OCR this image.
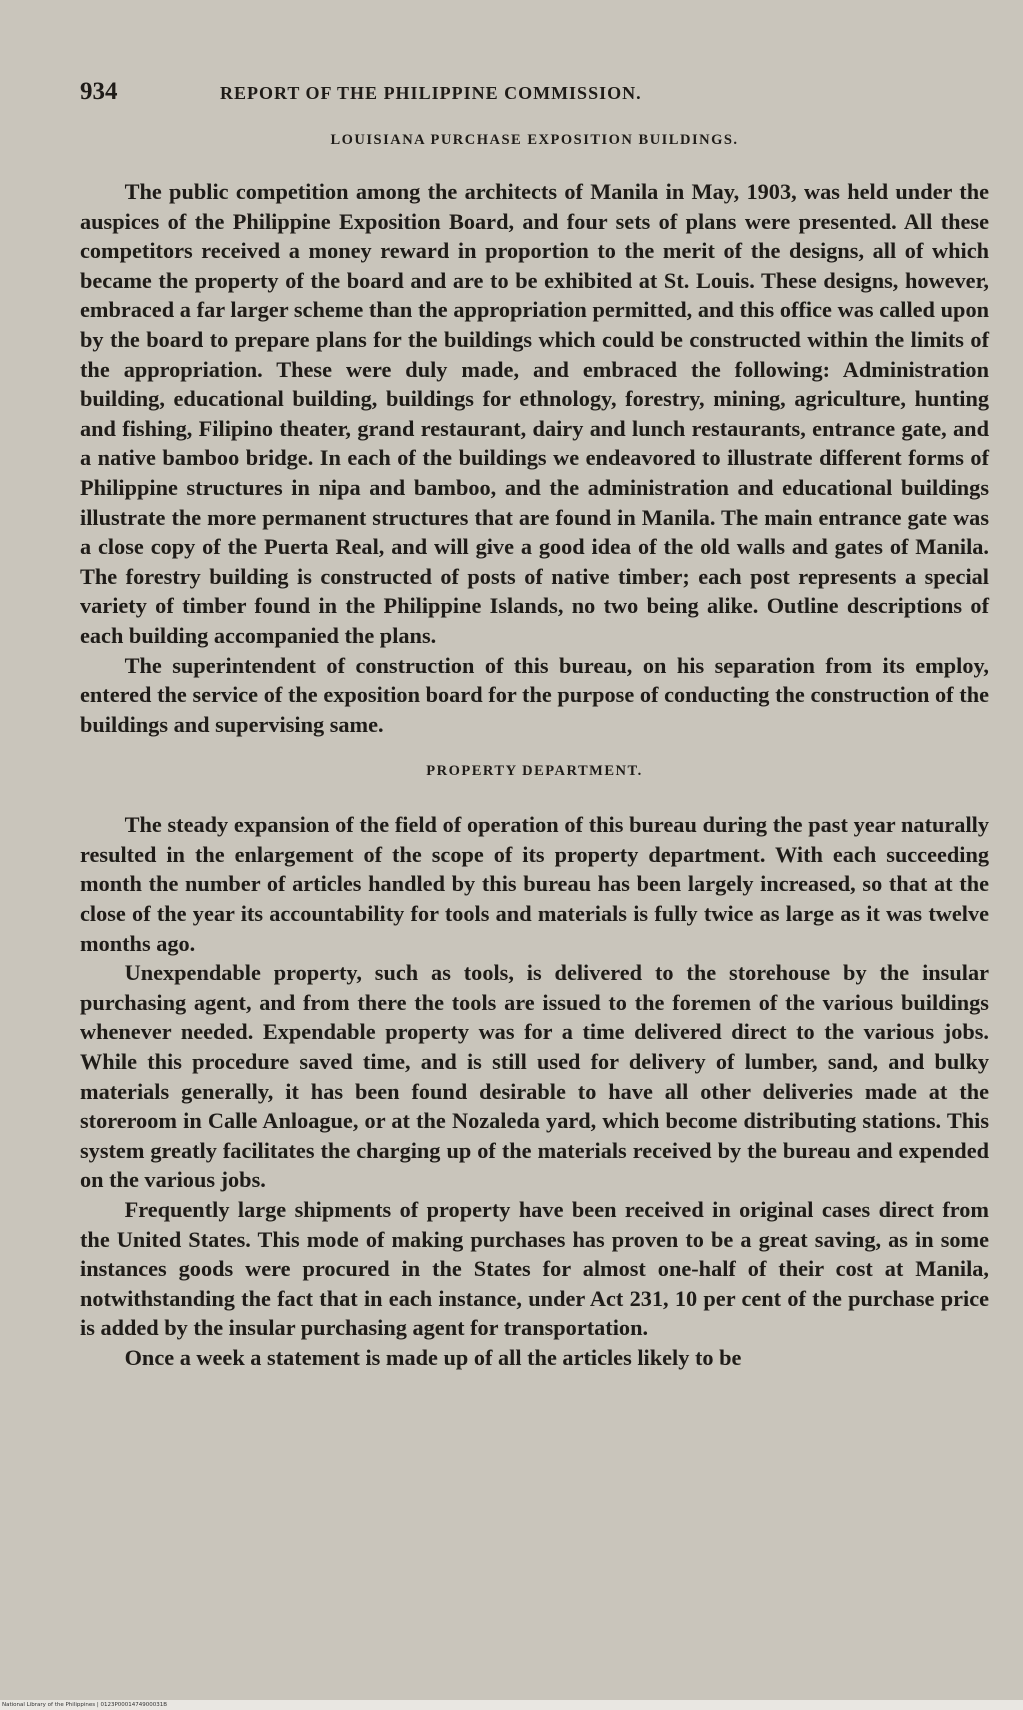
934	REPORT OF THE PHILIPPINE COMMISSION.
LOUISIANA PURCHASE EXPOSITION BUILDINGS.

The public competition among the architects of Manila in May, 1903, was held under the auspices of the Philippine Exposition Board, and four sets of plans were presented. All these competitors received a money reward in proportion to the merit of the designs, all of which became the property of the board and are to be exhibited at St. Louis. These designs, however, embraced a far larger scheme than the appropriation permitted, and this office was called upon by the board to prepare plans for the buildings which could be constructed within the limits of the appropriation. These were duly made, and embraced the following: Administration building, educational building, buildings for ethnology, forestry, mining, agriculture, hunting and fishing, Filipino theater, grand restaurant, dairy and lunch restaurants, entrance gate, and a native bamboo bridge. In each of the buildings we endeavored to illustrate different forms of Philippine structures in nipa and bamboo, and the administration and educational buildings illustrate the more permanent structures that are found in Manila. The main entrance gate was a close copy of the Puerta Real, and will give a good idea of the old walls and gates of Manila. The forestry building is constructed of posts of native timber; each post represents a special variety of timber found in the Philippine Islands, no two being alike. Outline descriptions of each building accompanied the plans.

The superintendent of construction of this bureau, on his separation from its employ, entered the service of the exposition board for the purpose of conducting the construction of the buildings and supervising same.

PROPERTY DEPARTMENT.

The steady expansion of the field of operation of this bureau during the past year naturally resulted in the enlargement of the scope of its property department. With each succeeding month the number of articles handled by this bureau has been largely increased, so that at the close of the year its accountability for tools and materials is fully twice as large as it was twelve months ago.

Unexpendable property, such as tools, is delivered to the storehouse by the insular purchasing agent, and from there the tools are issued to the foremen of the various buildings whenever needed. Expendable property was for a time delivered direct to the various jobs. While this procedure saved time, and is still used for delivery of lumber, sand, and bulky materials generally, it has been found desirable to have all other deliveries made at the storeroom in Calle Anloague, or at the Nozaleda yard, which become distributing stations. This system greatly facilitates the charging up of the materials received by the bureau and expended on the various jobs.

Frequently large shipments of property have been received in original cases direct from the United States. This mode of making purchases has proven to be a great saving, as in some instances goods were procured in the States for almost one-half of their cost at Manila, notwithstanding the fact that in each instance, under Act 231, 10 per cent of the purchase price is added by the insular purchasing agent for transportation.

Once a week a statement is made up of all the articles likely to be

National Library of the Philippines | 0123P0001474900031B
